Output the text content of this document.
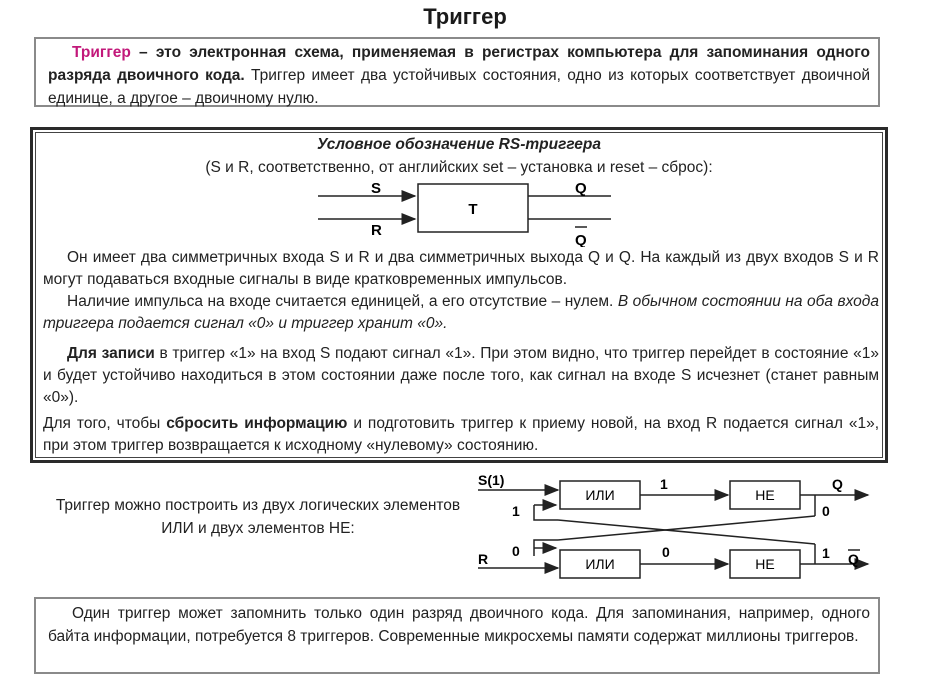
Триггер
Триггер – это электронная схема, применяемая в регистрах компьютера для запоминания одного разряда двоичного кода. Триггер имеет два устойчивых состояния, одно из которых соответствует двоичной единице, а другое – двоичному нулю.
Условное обозначение RS-триггера
(S и R, соответственно, от английских set – установка и reset – сброс):
T
S
R
Q
Q
Он имеет два симметричных входа S и R и два симметричных выхода Q и Q. На каждый из двух входов S и R могут подаваться входные сигналы в виде кратковременных импульсов.
Наличие импульса на входе считается единицей, а его отсутствие – нулем. В обычном состоянии на оба входа триггера подается сигнал «0» и триггер хранит «0».
Для записи в триггер «1» на вход S подают сигнал «1». При этом видно, что триггер перейдет в состояние «1» и будет устойчиво находиться в этом состоянии даже после того, как сигнал на входе S исчезнет (станет равным «0»).
Для того, чтобы сбросить информацию и подготовить триггер к приему новой, на вход R подается сигнал «1», при этом триггер возвращается к исходному «нулевому» состоянию.
Триггер можно построить из двух логических элементов ИЛИ и двух элементов НЕ:
S(1)
ИЛИ
1
НЕ
Q
0
1
0
R	ИЛИ
0
НЕ
1 Q
Один триггер может запомнить только один разряд двоичного кода. Для запоминания, например, одного байта информации, потребуется 8 триггеров. Современные микросхемы памяти содержат миллионы триггеров.
